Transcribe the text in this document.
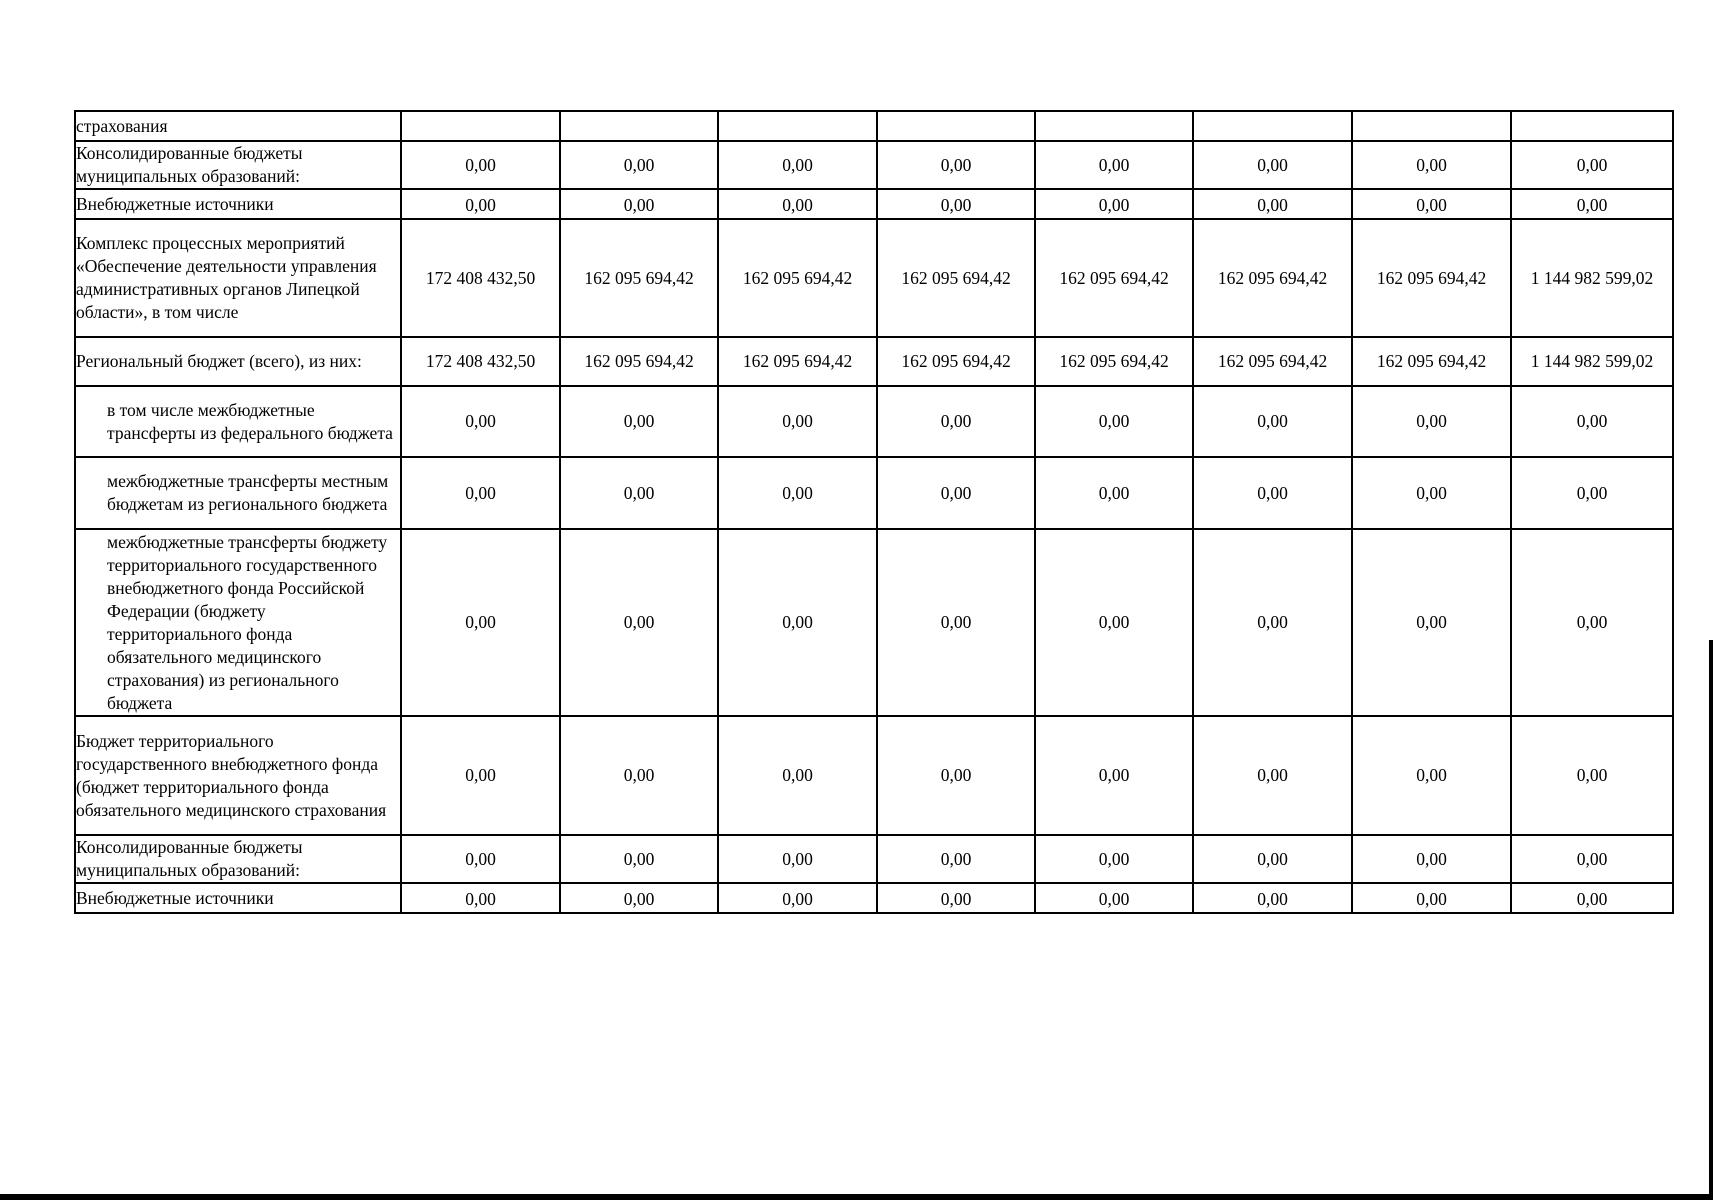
страхования								
Консолидированные бюджеты муниципальных образований:	0,00	0,00	0,00	0,00	0,00	0,00	0,00	0,00
Внебюджетные источники	0,00	0,00	0,00	0,00	0,00	0,00	0,00	0,00
Комплекс процессных мероприятий «Обеспечение деятельности управления административных органов Липецкой области», в том числе	172 408 432,50	162 095 694,42	162 095 694,42	162 095 694,42	162 095 694,42	162 095 694,42	162 095 694,42	1 144 982 599,02
Региональный бюджет (всего), из них:	172 408 432,50	162 095 694,42	162 095 694,42	162 095 694,42	162 095 694,42	162 095 694,42	162 095 694,42	1 144 982 599,02
в том числе межбюджетные трансферты из федерального бюджета	0,00	0,00	0,00	0,00	0,00	0,00	0,00	0,00
межбюджетные трансферты местным бюджетам из регионального бюджета	0,00	0,00	0,00	0,00	0,00	0,00	0,00	0,00
межбюджетные трансферты бюджету территориального государственного внебюджетного фонда Российской Федерации (бюджету территориального фонда обязательного медицинского страхования) из регионального бюджета	0,00	0,00	0,00	0,00	0,00	0,00	0,00	0,00
Бюджет территориального государственного внебюджетного фонда (бюджет территориального фонда обязательного медицинского страхования	0,00	0,00	0,00	0,00	0,00	0,00	0,00	0,00
Консолидированные бюджеты муниципальных образований:	0,00	0,00	0,00	0,00	0,00	0,00	0,00	0,00
Внебюджетные источники	0,00	0,00	0,00	0,00	0,00	0,00	0,00	0,00
